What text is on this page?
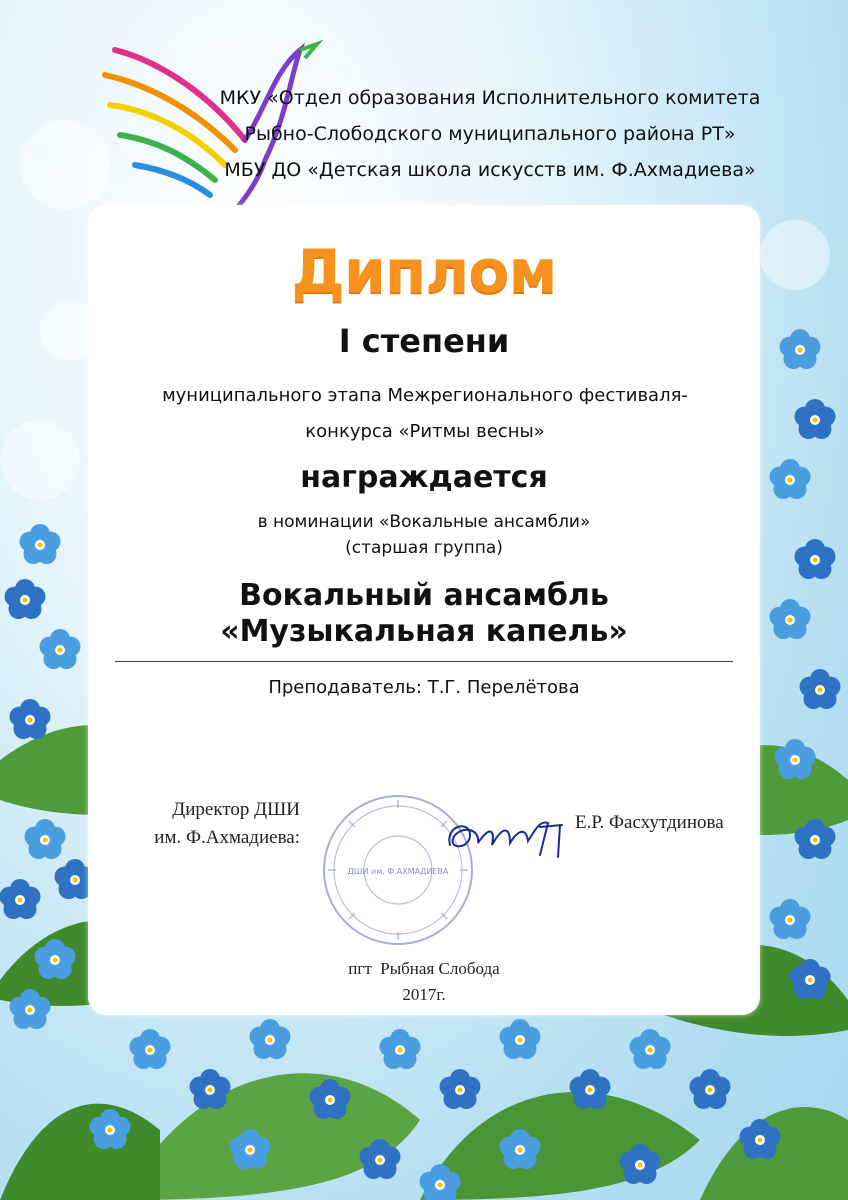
МКУ «Отдел образования Исполнительного комитета
Рыбно-Слободского муниципального района РТ»
МБУ ДО «Детская школа искусств им. Ф.Ахмадиева»
Диплом
I степени
муниципального этапа Межрегионального фестиваля-
конкурса «Ритмы весны»
награждается
в номинации «Вокальные ансамбли»
(старшая группа)
Вокальный ансамбль
«Музыкальная капель»
Преподаватель: Т.Г. Перелётова
ДШИ им. Ф.АХМАДИЕВА
Директор ДШИ
им. Ф.Ахмадиева:
Е.Р. Фасхутдинова
пгт  Рыбная Слобода
2017г.
